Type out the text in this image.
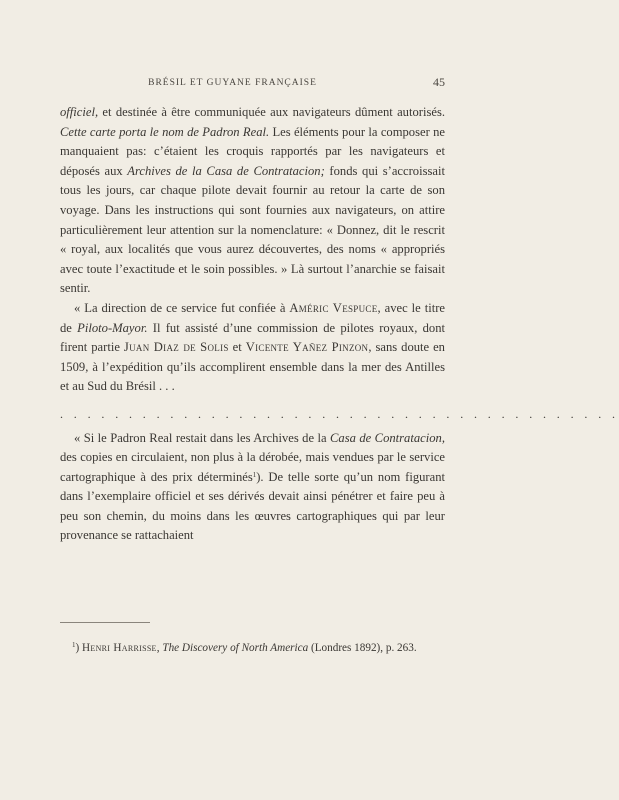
BRÉSIL ET GUYANE FRANÇAISE	45

officiel, et destinée à être communiquée aux navigateurs dûment autorisés. Cette carte porta le nom de Padron Real. Les éléments pour la composer ne manquaient pas: c’étaient les croquis rapportés par les navigateurs et déposés aux Archives de la Casa de Contratacion; fonds qui s’accroissait tous les jours, car chaque pilote devait fournir au retour la carte de son voyage. Dans les instructions qui sont fournies aux navigateurs, on attire particulièrement leur attention sur la nomenclature: « Donnez, dit le rescrit « royal, aux localités que vous aurez découvertes, des noms « appropriés avec toute l’exactitude et le soin possibles. » Là surtout l’anarchie se faisait sentir.

« La direction de ce service fut confiée à Améric Vespuce, avec le titre de Piloto-Mayor. Il fut assisté d’une commission de pilotes royaux, dont firent partie Juan Diaz de Solis et Vicente Yañez Pinzon, sans doute en 1509, à l’expédition qu’ils accomplirent ensemble dans la mer des Antilles et au Sud du Brésil . . .

. . . . . . . . . . . . . . . . . . . . . . . . . . . . . . . . . . . . . . . . .

« Si le Padron Real restait dans les Archives de la Casa de Contratacion, des copies en circulaient, non plus à la dérobée, mais vendues par le service cartographique à des prix déterminés$^1$). De telle sorte qu’un nom figurant dans l’exemplaire officiel et ses dérivés devait ainsi pénétrer et faire peu à peu son chemin, du moins dans les œuvres cartographiques qui par leur provenance se rattachaient

$^1$) Henri Harrisse, The Discovery of North America (Londres 1892), p. 263.
